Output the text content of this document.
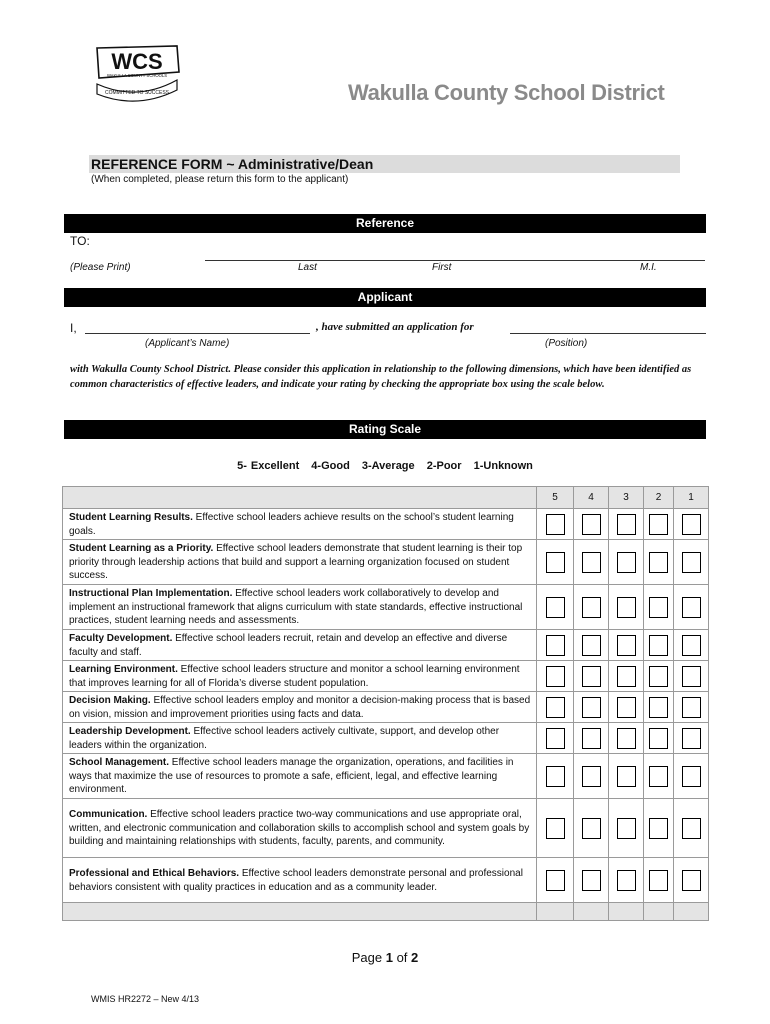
WCS
WAKULLA COUNTY SCHOOLS
COMMITTED TO SUCCESS	Wakulla County School District
REFERENCE FORM ~ Administrative/Dean
(When completed, please return this form to the applicant)
Reference
TO:
(Please Print)	Last	First	M.I.
Applicant
I,	, have submitted an application for
(Applicant’s Name)	(Position)
with Wakulla County School District. Please consider this application in relationship to the following dimensions, which have been identified as common characteristics of effective leaders, and indicate your rating by checking the appropriate box using the scale below.
Rating Scale
5- Excellent 4-Good 3-Average 2-Poor 1-Unknown
	5	4	3	2	1
Student Learning Results. Effective school leaders achieve results on the school’s student learning goals.					
Student Learning as a Priority. Effective school leaders demonstrate that student learning is their top priority through leadership actions that build and support a learning organization focused on student success.					
Instructional Plan Implementation. Effective school leaders work collaboratively to develop and implement an instructional framework that aligns curriculum with state standards, effective instructional practices, student learning needs and assessments.					
Faculty Development. Effective school leaders recruit, retain and develop an effective and diverse faculty and staff.					
Learning Environment. Effective school leaders structure and monitor a school learning environment that improves learning for all of Florida’s diverse student population.					
Decision Making. Effective school leaders employ and monitor a decision-making process that is based on vision, mission and improvement priorities using facts and data.					
Leadership Development. Effective school leaders actively cultivate, support, and develop other leaders within the organization.					
School Management. Effective school leaders manage the organization, operations, and facilities in ways that maximize the use of resources to promote a safe, efficient, legal, and effective learning environment.					
Communication. Effective school leaders practice two-way communications and use appropriate oral, written, and electronic communication and collaboration skills to accomplish school and system goals by building and maintaining relationships with students, faculty, parents, and community.					
Professional and Ethical Behaviors. Effective school leaders demonstrate personal and professional behaviors consistent with quality practices in education and as a community leader.					

Page 1 of 2
WMIS HR2272 – New 4/13
